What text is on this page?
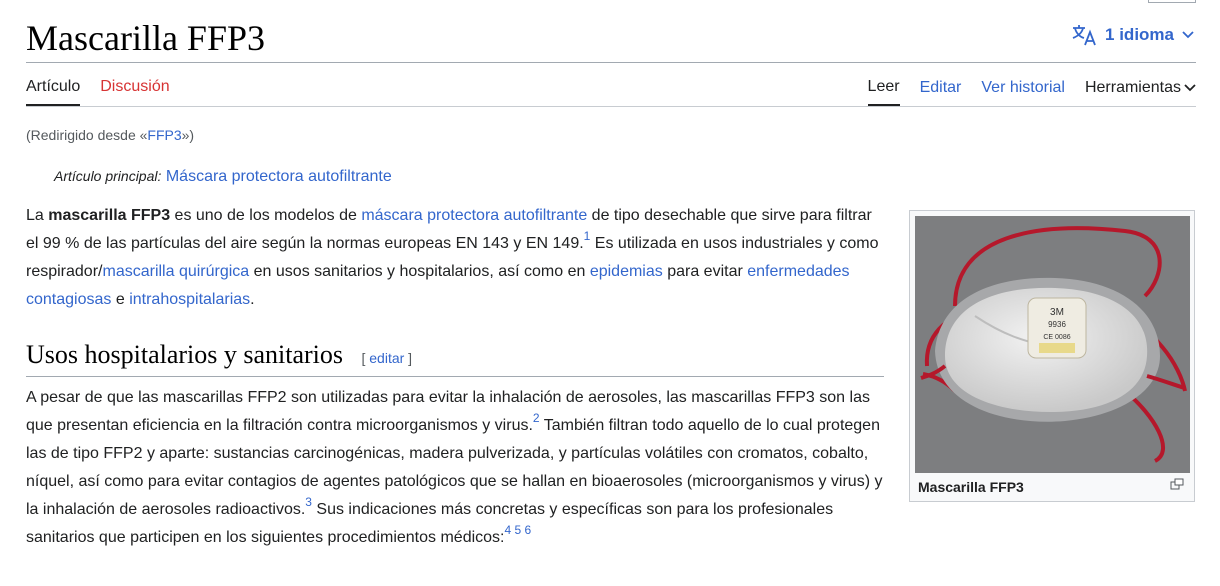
Mascarilla FFP3	1 idioma
Artículo Discusión	Leer Editar Ver historial Herramientas
(Redirigido desde «FFP3»)
Artículo principal: Máscara protectora autofiltrante

La mascarilla FFP3 es uno de los modelos de máscara protectora autofiltrante de tipo desechable que sirve para filtrar el 99 % de las partículas del aire según la normas europeas EN 143 y EN 149.$^1$ Es utilizada en usos industriales y como respirador/mascarilla quirúrgica en usos sanitarios y hospitalarios, así como en epidemias para evitar enfermedades contagiosas e intrahospitalarias.

Usos hospitalarios y sanitarios [ editar ]

A pesar de que las mascarillas FFP2 son utilizadas para evitar la inhalación de aerosoles, las mascarillas FFP3 son las que presentan eficiencia en la filtración contra microorganismos y virus.$^2$ También filtran todo aquello de lo cual protegen las de tipo FFP2 y aparte: sustancias carcinogénicas, madera pulverizada, y partículas volátiles con cromatos, cobalto, níquel, así como para evitar contagios de agentes patológicos que se hallan en bioaerosoles (microorganismos y virus) y la inhalación de aerosoles radioactivos.$^3$ Sus indicaciones más concretas y específicas son para los profesionales sanitarios que participen en los siguientes procedimientos médicos:$^{4 5 6}$

3M
9936
CE 0086
Mascarilla FFP3
